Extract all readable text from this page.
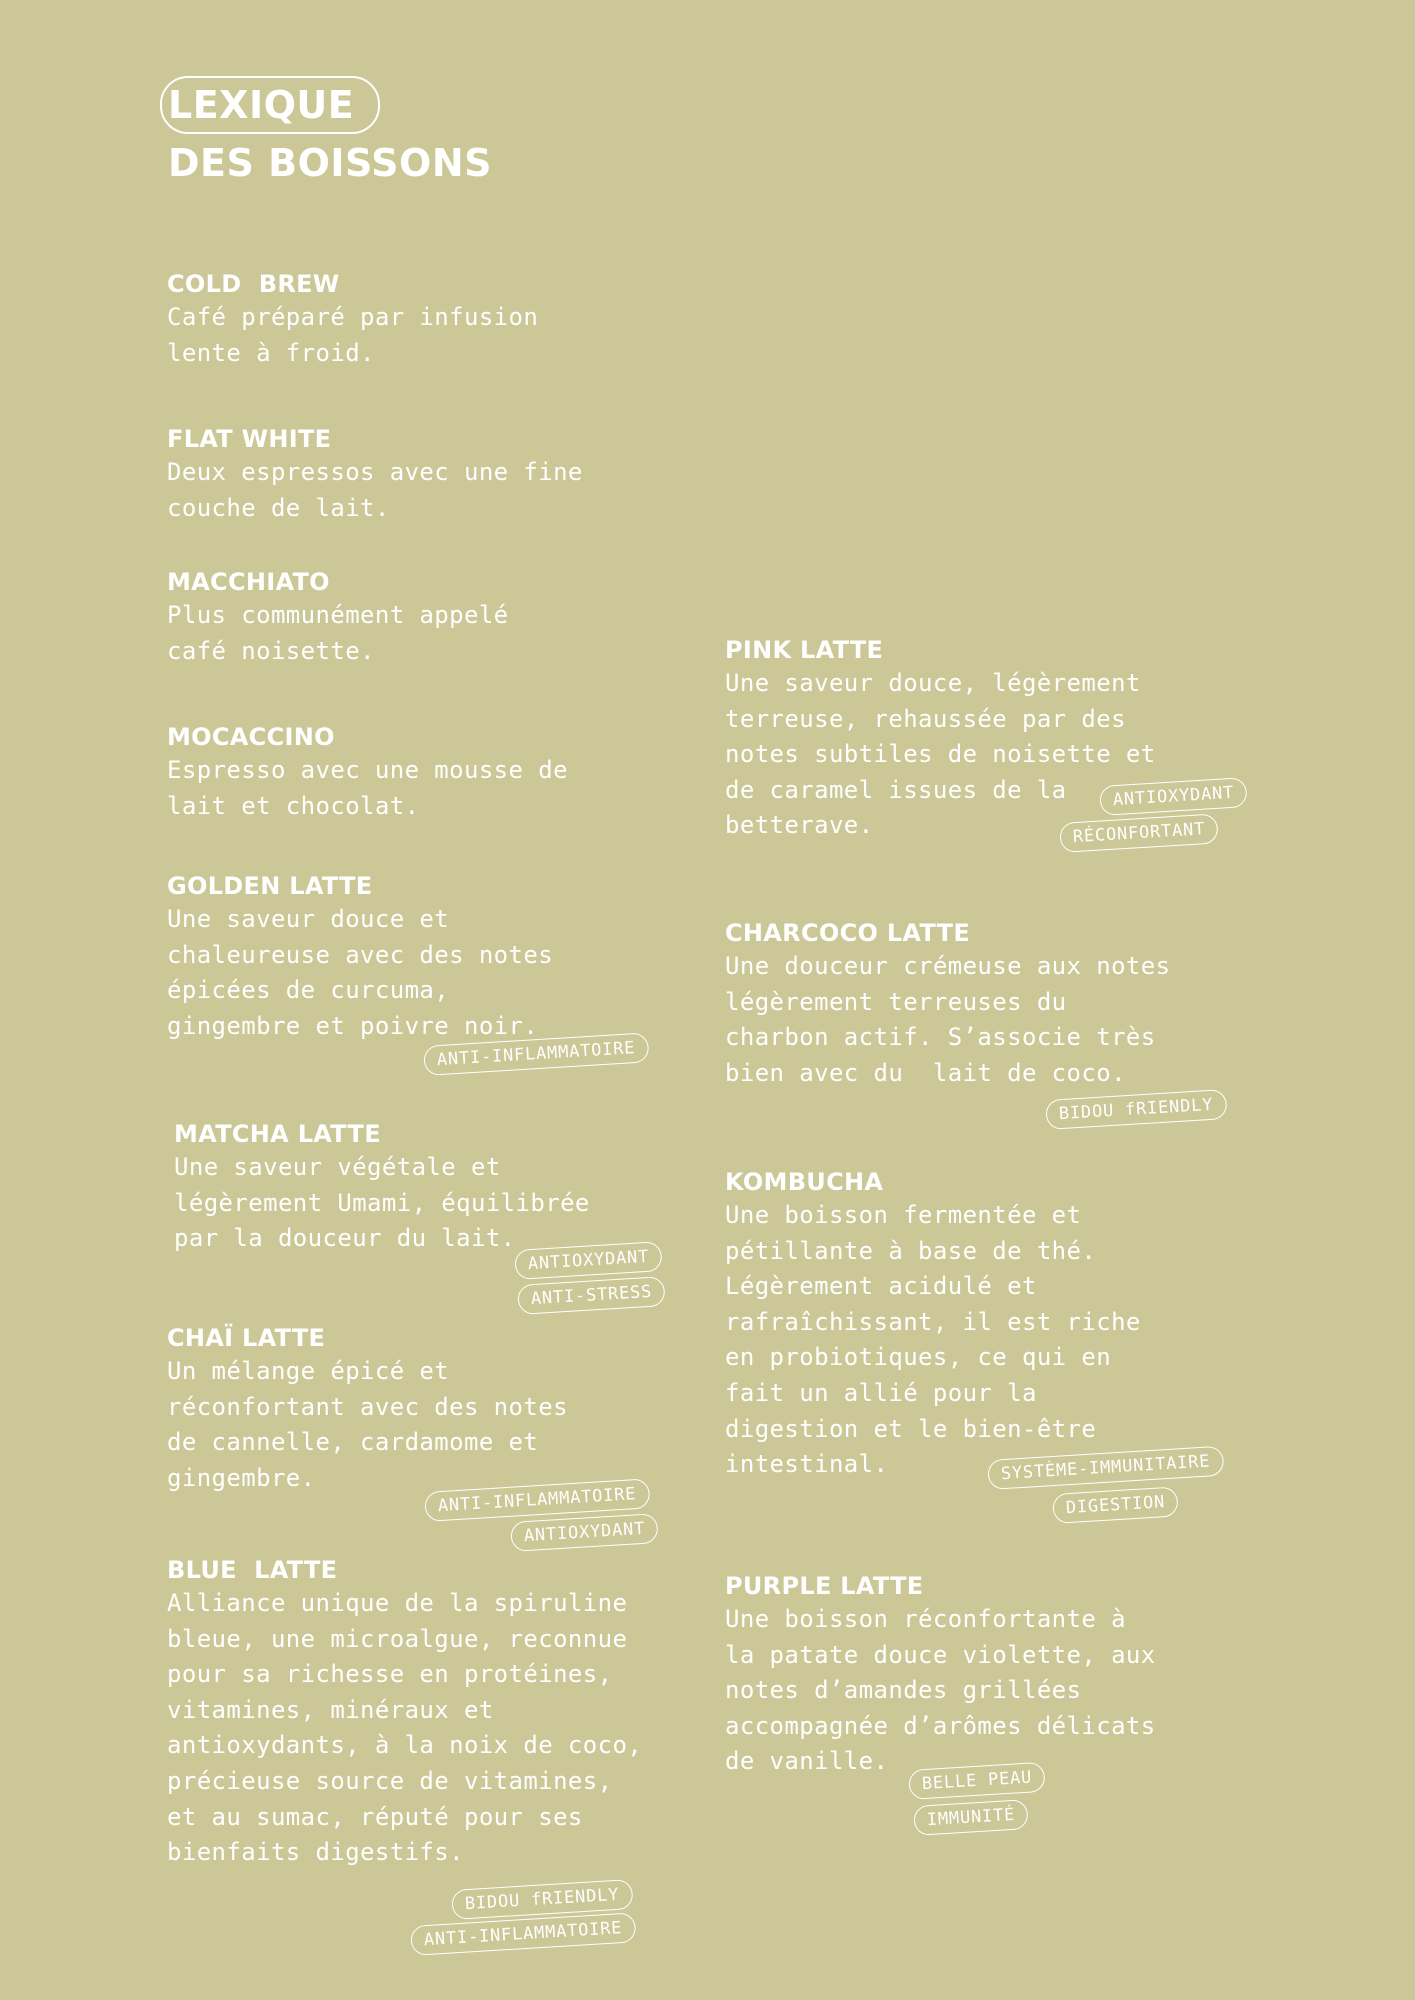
LEXIQUE
DES BOISSONS
COLD  BREW
Café préparé par infusion
lente à froid.
FLAT WHITE
Deux espressos avec une fine
couche de lait.
MACCHIATO
Plus communément appelé
café noisette.
MOCACCINO
Espresso avec une mousse de
lait et chocolat.
GOLDEN LATTE
Une saveur douce et
chaleureuse avec des notes
épicées de curcuma,
gingembre et poivre noir.
ANTI-INFLAMMATOIRE
MATCHA LATTE
Une saveur végétale et
légèrement Umami, équilibrée
par la douceur du lait.
ANTIOXYDANT
ANTI-STRESS
CHAÏ LATTE
Un mélange épicé et
réconfortant avec des notes
de cannelle, cardamome et
gingembre.
ANTI-INFLAMMATOIRE
ANTIOXYDANT
BLUE  LATTE
Alliance unique de la spiruline
bleue, une microalgue, reconnue
pour sa richesse en protéines,
vitamines, minéraux et
antioxydants, à la noix de coco,
précieuse source de vitamines,
et au sumac, réputé pour ses
bienfaits digestifs.
BIDOU fRIENDLY
ANTI-INFLAMMATOIRE
PINK LATTE
Une saveur douce, légèrement
terreuse, rehaussée par des
notes subtiles de noisette et
de caramel issues de la
betterave.
ANTIOXYDANT
RÉCONFORTANT
CHARCOCO LATTE
Une douceur crémeuse aux notes
légèrement terreuses du
charbon actif. S’associe très
bien avec du  lait de coco.
BIDOU fRIENDLY
KOMBUCHA
Une boisson fermentée et
pétillante à base de thé.
Légèrement acidulé et
rafraîchissant, il est riche
en probiotiques, ce qui en
fait un allié pour la
digestion et le bien-être
intestinal.	SYSTÈME-IMMUNITAIRE
DIGESTION
PURPLE LATTE
Une boisson réconfortante à
la patate douce violette, aux
notes d’amandes grillées
accompagnée d’arômes délicats
de vanille.
BELLE PEAU
IMMUNITÉ
